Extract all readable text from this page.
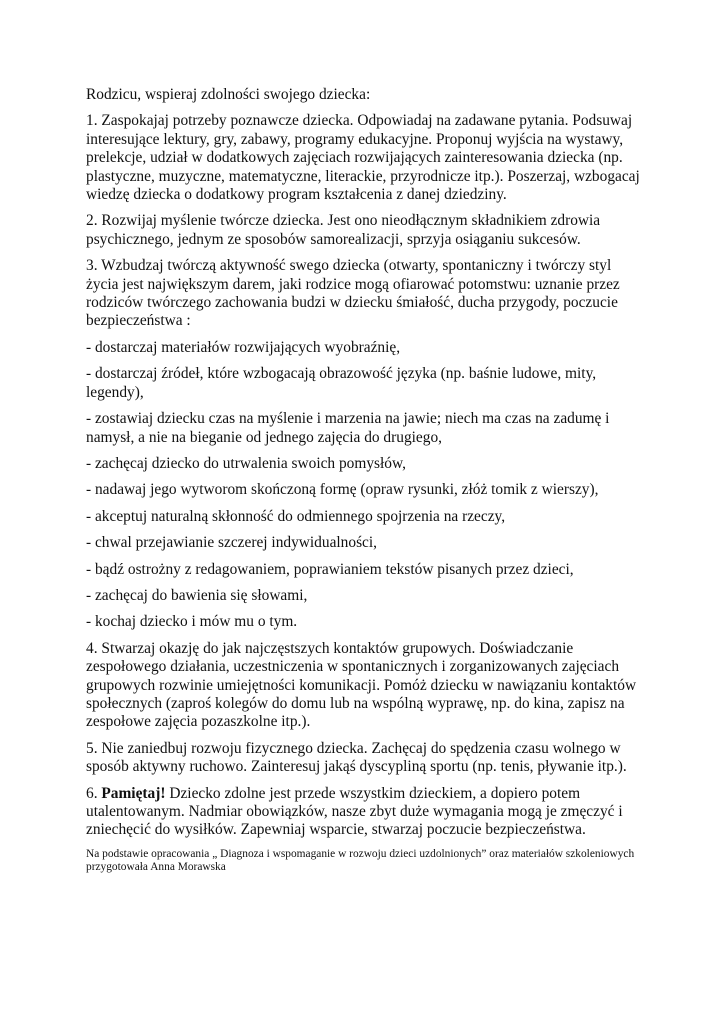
Rodzicu, wspieraj zdolności swojego dziecka:

1. Zaspokajaj potrzeby poznawcze dziecka. Odpowiadaj na zadawane pytania. Podsuwaj interesujące lektury, gry, zabawy, programy edukacyjne. Proponuj wyjścia na wystawy, prelekcje, udział w dodatkowych zajęciach rozwijających zainteresowania dziecka (np. plastyczne, muzyczne, matematyczne, literackie, przyrodnicze itp.). Poszerzaj, wzbogacaj wiedzę dziecka o dodatkowy program kształcenia z danej dziedziny.

2. Rozwijaj myślenie twórcze dziecka. Jest ono nieodłącznym składnikiem zdrowia psychicznego, jednym ze sposobów samorealizacji, sprzyja osiąganiu sukcesów.

3. Wzbudzaj twórczą aktywność swego dziecka (otwarty, spontaniczny i twórczy styl życia jest największym darem, jaki rodzice mogą ofiarować potomstwu: uznanie przez rodziców twórczego zachowania budzi w dziecku śmiałość, ducha przygody, poczucie bezpieczeństwa :

- dostarczaj materiałów rozwijających wyobraźnię,

- dostarczaj źródeł, które wzbogacają obrazowość języka (np. baśnie ludowe, mity, legendy),

- zostawiaj dziecku czas na myślenie i marzenia na jawie; niech ma czas na zadumę i namysł, a nie na bieganie od jednego zajęcia do drugiego,

- zachęcaj dziecko do utrwalenia swoich pomysłów,

- nadawaj jego wytworom skończoną formę (opraw rysunki, złóż tomik z wierszy),

- akceptuj naturalną skłonność do odmiennego spojrzenia na rzeczy,

- chwal przejawianie szczerej indywidualności,

- bądź ostrożny z redagowaniem, poprawianiem tekstów pisanych przez dzieci,

- zachęcaj do bawienia się słowami,

- kochaj dziecko i mów mu o tym.

4. Stwarzaj okazję do jak najczęstszych kontaktów grupowych. Doświadczanie zespołowego działania, uczestniczenia w spontanicznych i zorganizowanych zajęciach grupowych rozwinie umiejętności komunikacji. Pomóż dziecku w nawiązaniu kontaktów społecznych (zaproś kolegów do domu lub na wspólną wyprawę, np. do kina, zapisz na zespołowe zajęcia pozaszkolne itp.).

5. Nie zaniedbuj rozwoju fizycznego dziecka. Zachęcaj do spędzenia czasu wolnego w sposób aktywny ruchowo. Zainteresuj jakąś dyscypliną sportu (np. tenis, pływanie itp.).

6. Pamiętaj! Dziecko zdolne jest przede wszystkim dzieckiem, a dopiero potem utalentowanym. Nadmiar obowiązków, nasze zbyt duże wymagania mogą je zmęczyć i zniechęcić do wysiłków. Zapewniaj wsparcie, stwarzaj poczucie bezpieczeństwa.

Na podstawie opracowania „ Diagnoza i wspomaganie w rozwoju dzieci uzdolnionych” oraz materiałów szkoleniowych przygotowała Anna Morawska
